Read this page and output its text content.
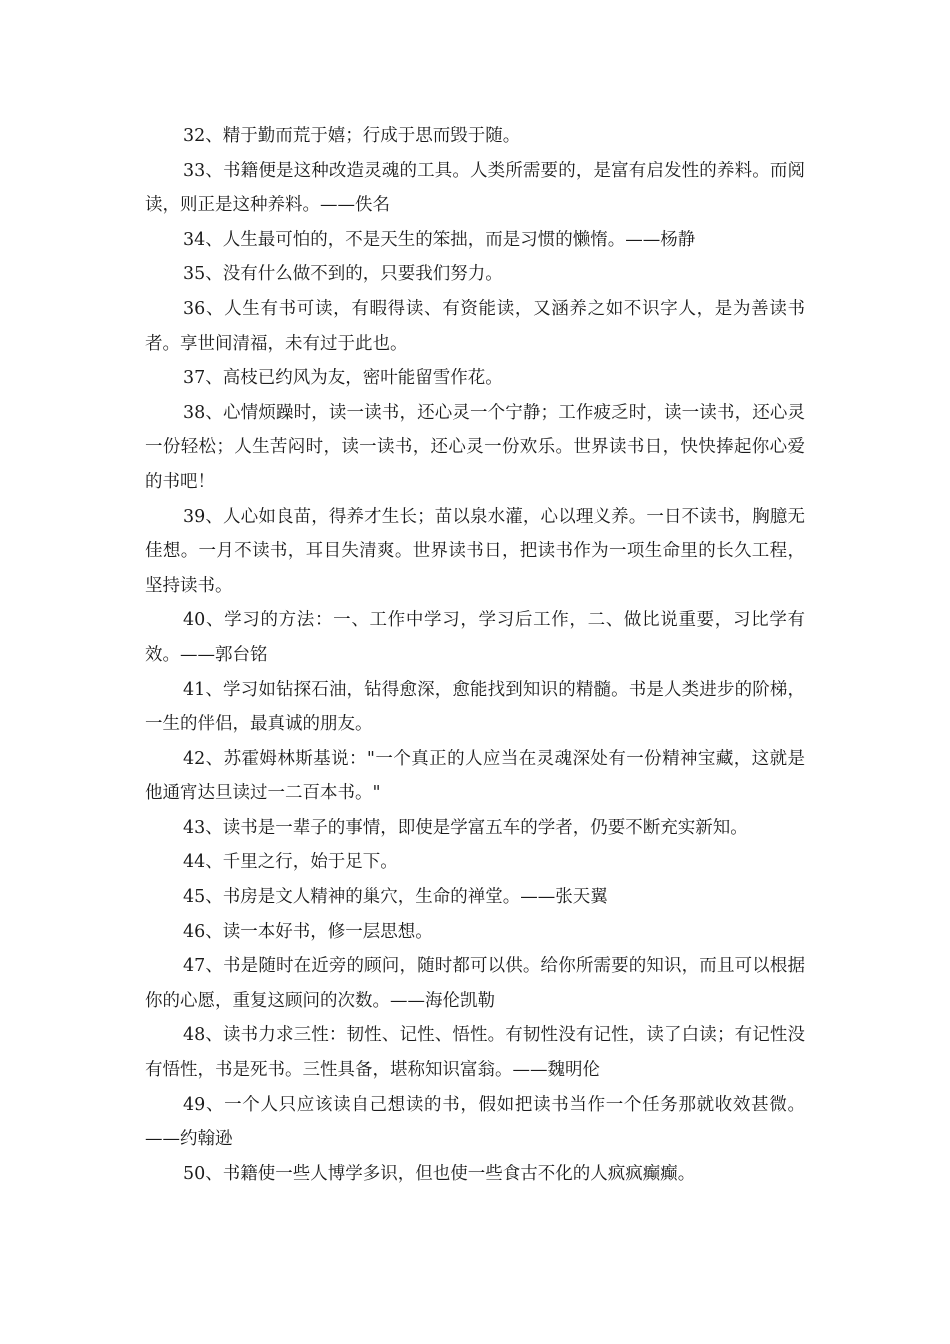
32、精于勤而荒于嬉；行成于思而毁于随。

33、书籍便是这种改造灵魂的工具。人类所需要的，是富有启发性的养料。而阅读，则正是这种养料。——佚名

34、人生最可怕的，不是天生的笨拙，而是习惯的懒惰。——杨静

35、没有什么做不到的，只要我们努力。

36、人生有书可读，有暇得读、有资能读，又涵养之如不识字人，是为善读书者。享世间清福，未有过于此也。

37、高枝已约风为友，密叶能留雪作花。

38、心情烦躁时，读一读书，还心灵一个宁静；工作疲乏时，读一读书，还心灵一份轻松；人生苦闷时，读一读书，还心灵一份欢乐。世界读书日，快快捧起你心爱的书吧！

39、人心如良苗，得养才生长；苗以泉水灌，心以理义养。一日不读书，胸臆无佳想。一月不读书，耳目失清爽。世界读书日，把读书作为一项生命里的长久工程，坚持读书。

40、学习的方法：一、工作中学习，学习后工作，二、做比说重要，习比学有效。——郭台铭

41、学习如钻探石油，钻得愈深，愈能找到知识的精髓。书是人类进步的阶梯，一生的伴侣，最真诚的朋友。

42、苏霍姆林斯基说："一个真正的人应当在灵魂深处有一份精神宝藏，这就是他通宵达旦读过一二百本书。"

43、读书是一辈子的事情，即使是学富五车的学者，仍要不断充实新知。

44、千里之行，始于足下。

45、书房是文人精神的巢穴，生命的禅堂。——张天翼

46、读一本好书，修一层思想。

47、书是随时在近旁的顾问，随时都可以供。给你所需要的知识，而且可以根据你的心愿，重复这顾问的次数。——海伦凯勒

48、读书力求三性：韧性、记性、悟性。有韧性没有记性，读了白读；有记性没有悟性，书是死书。三性具备，堪称知识富翁。——魏明伦

49、一个人只应该读自己想读的书，假如把读书当作一个任务那就收效甚微。——约翰逊

50、书籍使一些人博学多识，但也使一些食古不化的人疯疯癫癫。
